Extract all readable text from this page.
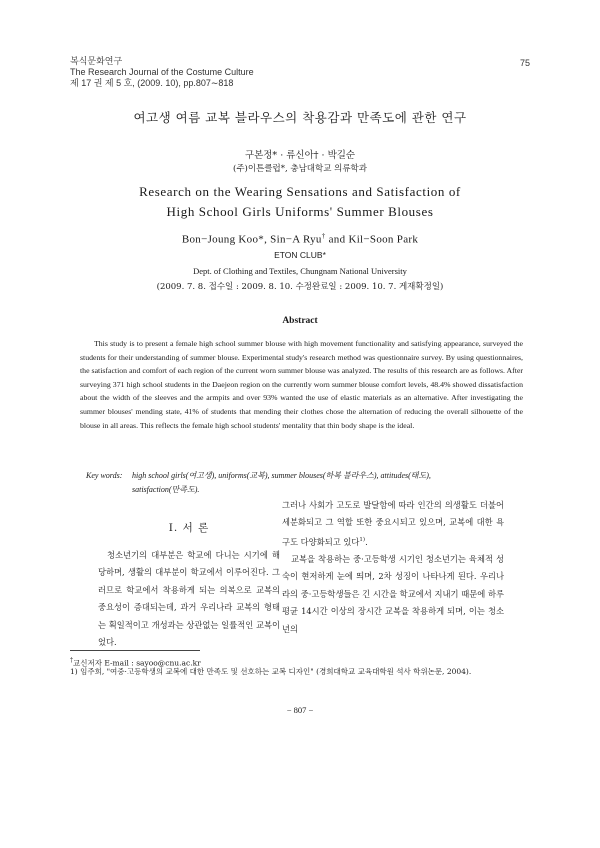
복식문화연구
The Research Journal of the Costume Culture
제 17 권 제 5 호, (2009. 10), pp.807∼818
75
여고생 여름 교복 블라우스의 착용감과 만족도에 관한 연구
구본정* · 류신아† · 박길순
(주)이튼클럽*, 충남대학교 의류학과
Research on the Wearing Sensations and Satisfaction of
High School Girls Uniforms' Summer Blouses
Bon−Joung Koo*, Sin−A Ryu† and Kil−Soon Park
ETON CLUB*
Dept. of Clothing and Textiles, Chungnam National University
(2009. 7. 8. 접수일 : 2009. 8. 10. 수정완료일 : 2009. 10. 7. 게재확정일)
Abstract

This study is to present a female high school summer blouse with high movement functionality and satisfying appearance, surveyed the students for their understanding of summer blouse. Experimental study's research method was questionnaire survey. By using questionnaires, the satisfaction and comfort of each region of the current worn summer blouse was analyzed. The results of this research are as follows. After surveying 371 high school students in the Daejeon region on the currently worn summer blouse comfort levels, 48.4% showed dissatisfaction about the width of the sleeves and the armpits and over 93% wanted the use of elastic materials as an alternative. After investigating the summer blouses' mending state, 41% of students that mending their clothes chose the alternation of reducing the overall silhouette of the blouse in all areas. This reflects the female high school students' mentality that thin body shape is the ideal.

Key words: high school girls(여고생), uniforms(교복), summer blouses(하복 블라우스), attitudes(태도),
satisfaction(만족도).
Ⅰ. 서 론

청소년기의 대부분은 학교에 다니는 시기에 해당하며, 생활의 대부분이 학교에서 이루어진다. 그러므로 학교에서 착용하게 되는 의복으로 교복의 중요성이 증대되는데, 과거 우리나라 교복의 형태는 획일적이고 개성과는 상관없는 일률적인 교복이었다.

그러나 사회가 고도로 발달함에 따라 인간의 의생활도 더불어 세분화되고 그 역할 또한 중요시되고 있으며, 교복에 대한 욕구도 다양화되고 있다$^{1)}$.

교복을 착용하는 중·고등학생 시기인 청소년기는 육체적 성숙이 현저하게 눈에 띄며, 2차 성징이 나타나게 된다. 우리나라의 중·고등학생들은 긴 시간을 학교에서 지내기 때문에 하루 평균 14시간 이상의 장시간 교복을 착용하게 되며, 이는 청소년의

†교신저자 E-mail : sayoo@cnu.ac.kr
1) 임주희, "여중·고등학생의 교복에 대한 만족도 및 선호하는 교복 디자인" (경희대학교 교육대학원 석사 학위논문, 2004).
− 807 −
